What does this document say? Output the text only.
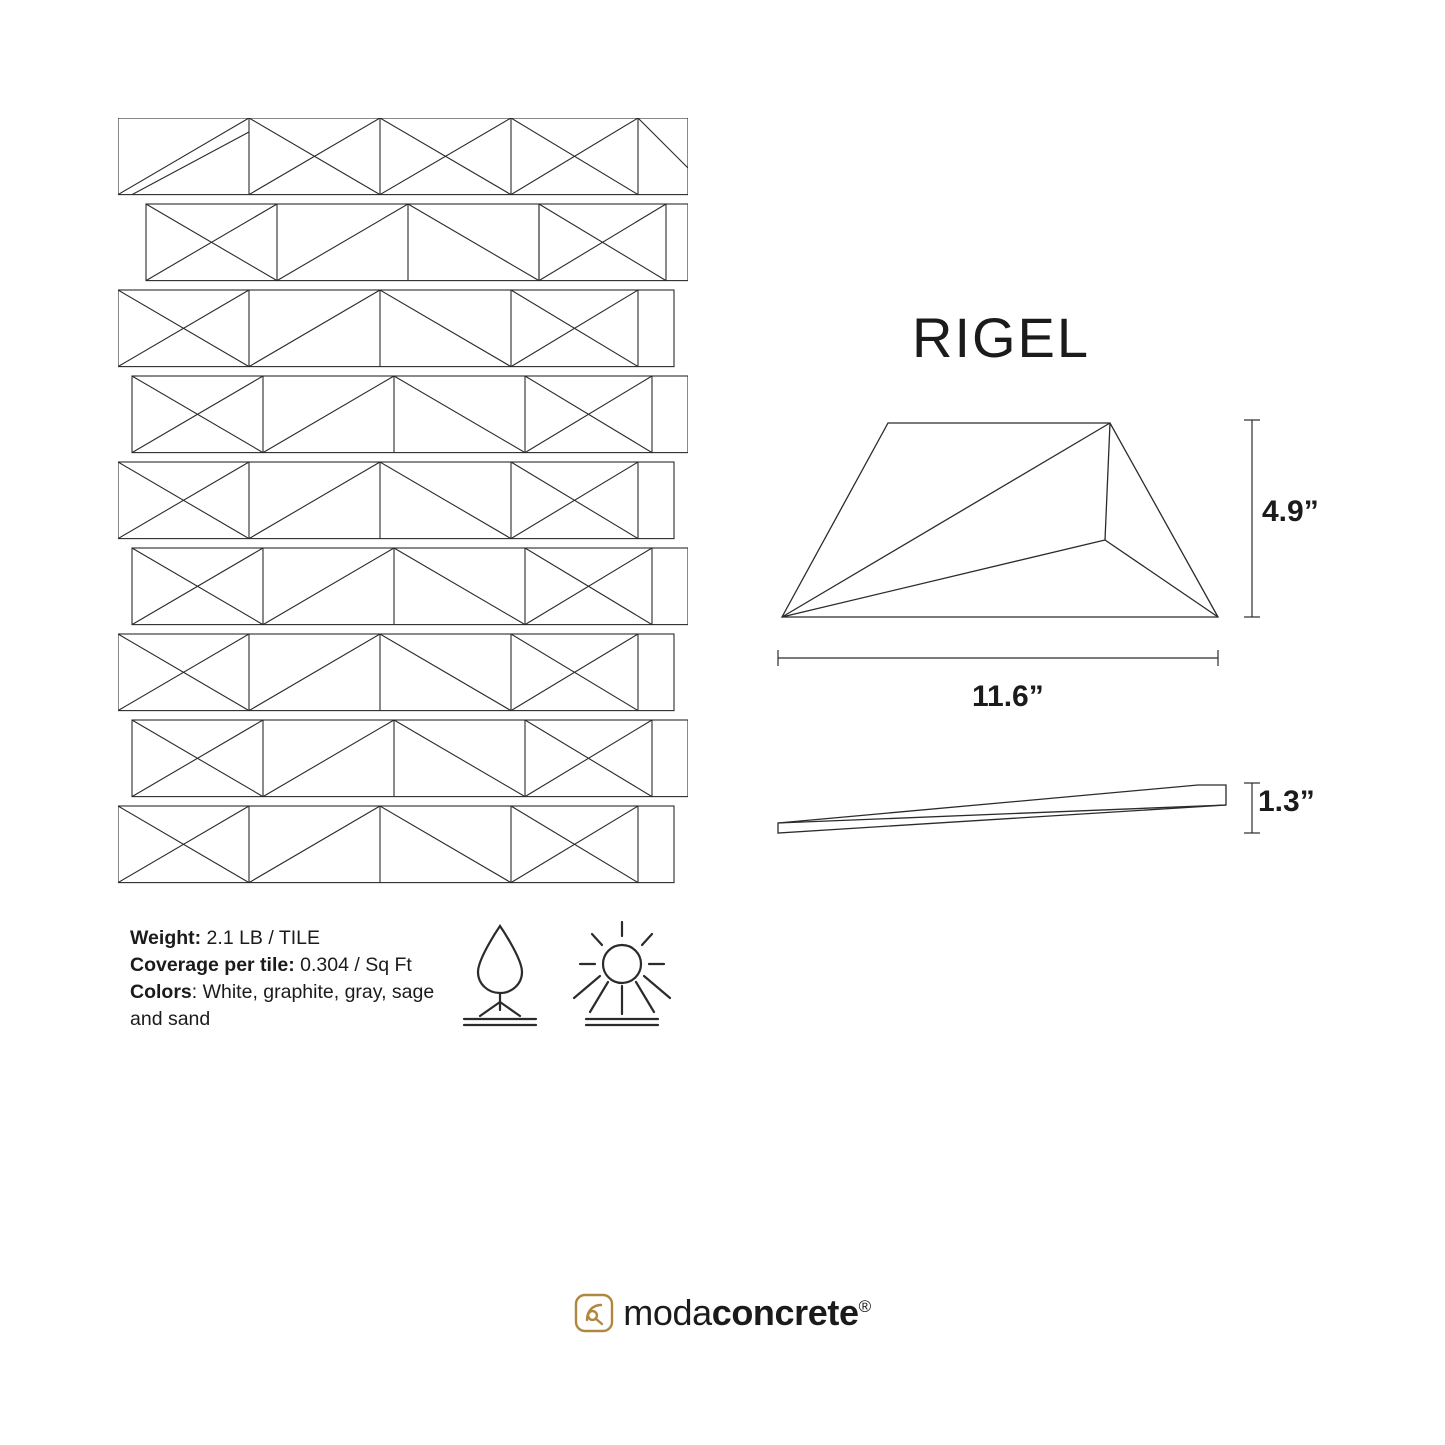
RIGEL
4.9”
11.6”
1.3”
Weight: 2.1 LB / TILE
Coverage per tile: 0.304 / Sq Ft
Colors: White, graphite, gray, sage and sand
modaconcrete®
